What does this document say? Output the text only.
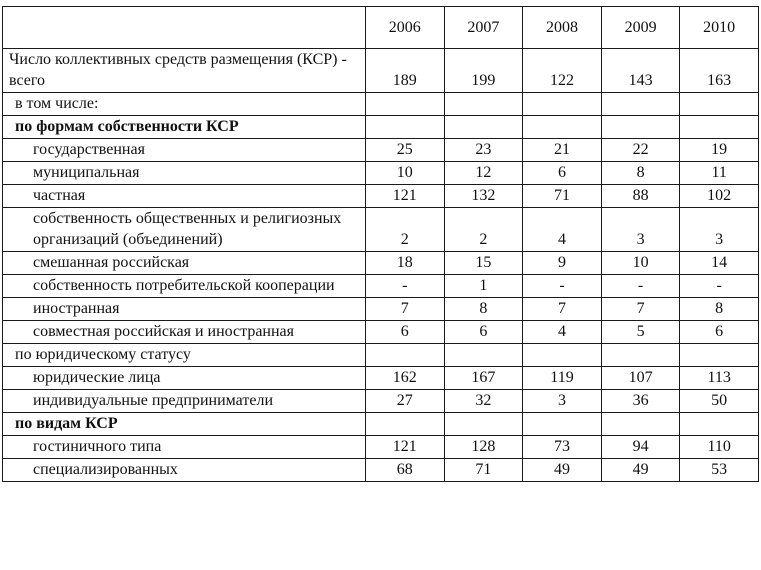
	2006	2007	2008	2009	2010
Число коллективных средств размещения (КСР) - всего	189	199	122	143	163
в том числе:					
по формам собственности КСР					
государственная	25	23	21	22	19
муниципальная	10	12	6	8	11
частная	121	132	71	88	102
собственность общественных и религиозных организаций (объединений)	2	2	4	3	3
смешанная российская	18	15	9	10	14
собственность потребительской кооперации	-	1	-	-	-
иностранная	7	8	7	7	8
совместная российская и иностранная	6	6	4	5	6
по юридическому статусу					
юридические лица	162	167	119	107	113
индивидуальные предприниматели	27	32	3	36	50
по видам КСР					
гостиничного типа	121	128	73	94	110
специализированных	68	71	49	49	53
